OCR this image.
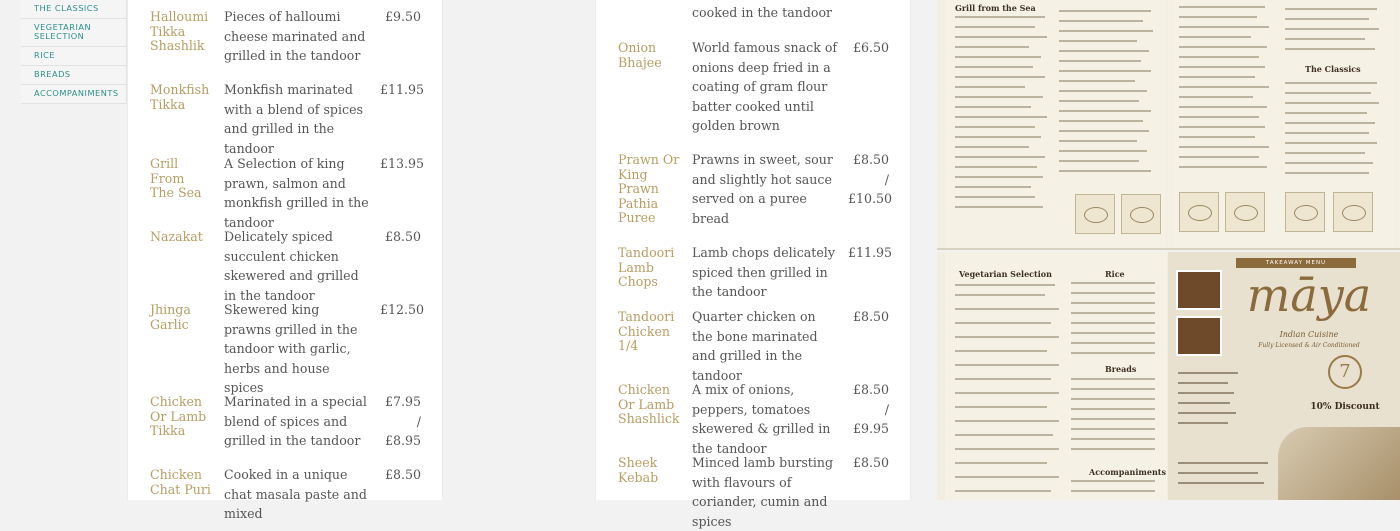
THE CLASSICS
VEGETARIAN SELECTION
RICE
BREADS
ACCOMPANIMENTS
Halloumi Tikka Shashlik
Pieces of halloumi cheese marinated and grilled in the tandoor
£9.50
Monkfish Tikka
Monkfish marinated with a blend of spices and grilled in the tandoor
£11.95
Grill From The Sea
A Selection of king prawn, salmon and monkfish grilled in the tandoor
£13.95
Nazakat	Delicately spiced succulent chicken skewered and grilled in the tandoor
£8.50
Jhinga Garlic
Skewered king prawns grilled in the tandoor with garlic, herbs and house spices
£12.50
Chicken Or Lamb Tikka
Marinated in a special blend of spices and grilled in the tandoor
£7.95 / £8.95
Chicken Chat Puri
Cooked in a unique chat masala paste and mixed
£8.50
cooked in the tandoor
Onion Bhajee
World famous snack of onions deep fried in a coating of gram flour batter cooked until golden brown
£6.50
Prawn Or King Prawn Pathia Puree
Prawns in sweet, sour and slightly hot sauce served on a puree bread
£8.50 / £10.50
Tandoori Lamb Chops
Lamb chops delicately spiced then grilled in the tandoor
£11.95
Tandoori Chicken 1/4
Quarter chicken on the bone marinated and grilled in the tandoor
£8.50
Chicken Or Lamb Shashlick
A mix of onions, peppers, tomatoes skewered & grilled in the tandoor
£8.50 / £9.95
Sheek Kebab
Minced lamb bursting with flavours of coriander, cumin and spices
£8.50
Grill from the Sea
The Classics
Vegetarian Selection	Rice
Breads
Accompaniments
TAKEAWAY MENU
māya
Indian Cuisine
Fully Licensed & Air Conditioned
7
10% Discount
